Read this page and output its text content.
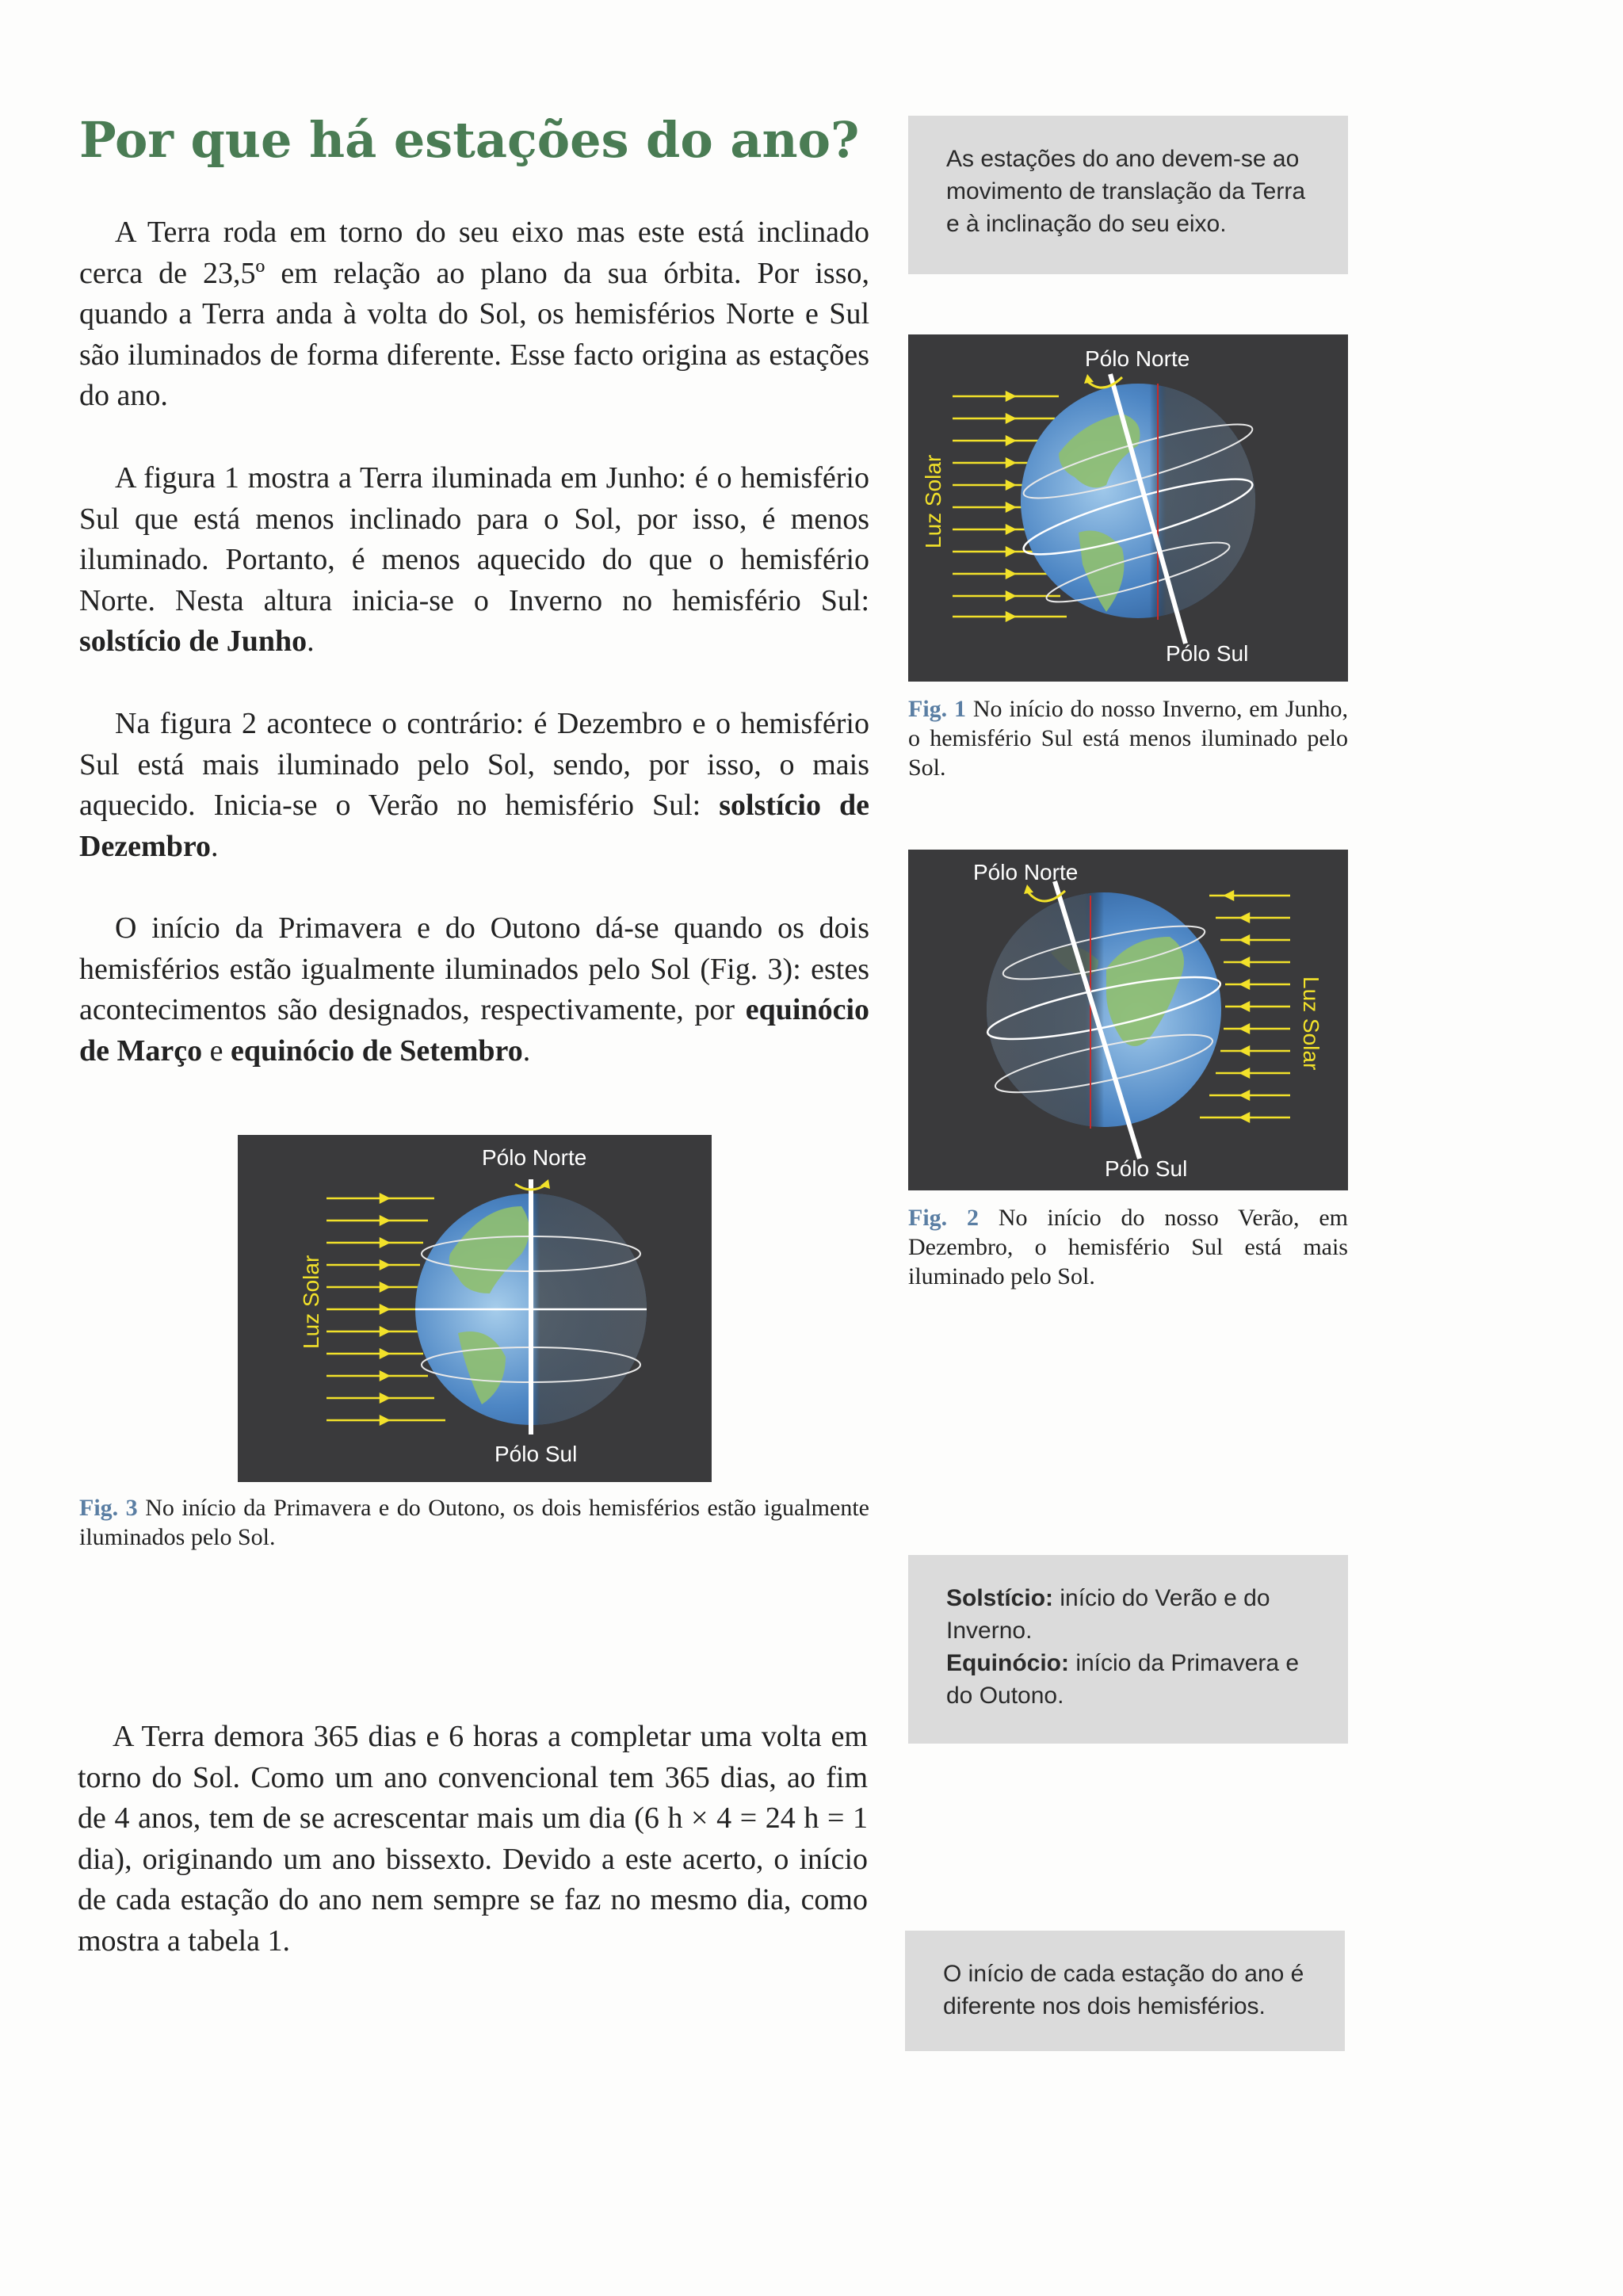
Por que há estações do ano?

A Terra roda em torno do seu eixo mas este está inclinado cerca de 23,5º em relação ao plano da sua órbita. Por isso, quando a Terra anda à volta do Sol, os hemisférios Norte e Sul são iluminados de forma diferente. Esse facto origina as estações do ano.

A figura 1 mostra a Terra iluminada em Junho: é o hemisfério Sul que está menos inclinado para o Sol, por isso, é menos iluminado. Portanto, é menos aquecido do que o hemisfério Norte. Nesta altura inicia-se o Inverno no hemisfério Sul: solstício de Junho.

Na figura 2 acontece o contrário: é Dezembro e o hemisfério Sul está mais iluminado pelo Sol, sendo, por isso, o mais aquecido. Inicia-se o Verão no hemisfério Sul: solstício de Dezembro.

O início da Primavera e do Outono dá-se quando os dois hemisférios estão igualmente iluminados pelo Sol (Fig. 3): estes acontecimentos são designados, respectivamente, por equinócio de Março e equinócio de Setembro.

A Terra demora 365 dias e 6 horas a completar uma volta em torno do Sol. Como um ano convencional tem 365 dias, ao fim de 4 anos, tem de se acrescentar mais um dia (6 h × 4 = 24 h = 1 dia), originando um ano bissexto. Devido a este acerto, o início de cada estação do ano nem sempre se faz no mesmo dia, como mostra a tabela 1.

As estações do ano devem-se ao movimento de translação da Terra e à inclinação do seu eixo.
Solstício: início do Verão e do Inverno.
Equinócio: início da Primavera e do Outono.
O início de cada estação do ano é diferente nos dois hemisférios.
Pólo Norte
Pólo Sul
Luz Solar

Fig. 1 No início do nosso Inverno, em Junho, o hemisfério Sul está menos iluminado pelo Sol.

Pólo Norte
Pólo Sul
Luz Solar

Fig. 2 No início do nosso Verão, em Dezembro, o hemisfério Sul está mais iluminado pelo Sol.

Pólo Norte
Pólo Sul
Luz Solar

Fig. 3 No início da Primavera e do Outono, os dois hemisférios estão igualmente iluminados pelo Sol.
